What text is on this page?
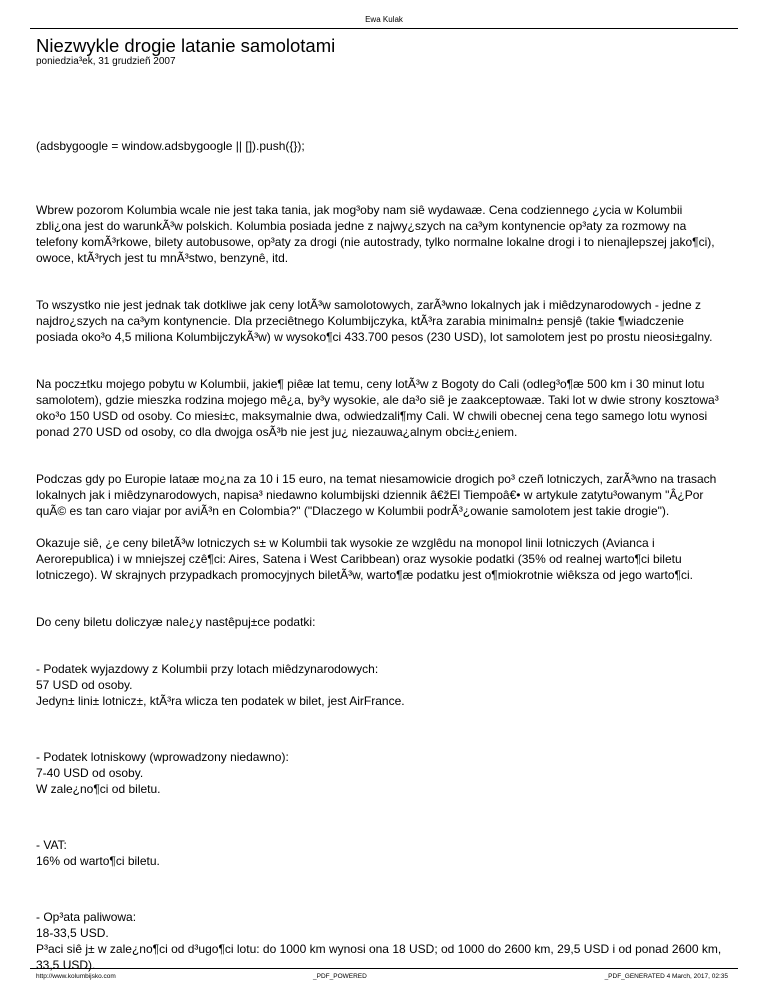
Ewa Kulak
Niezwykle drogie latanie samolotami
poniedzia³ek, 31 grudzieñ 2007

(adsbygoogle = window.adsbygoogle || []).push({});

Wbrew pozorom Kolumbia wcale nie jest taka tania, jak mog³oby nam siê wydawaæ. Cena codziennego ¿ycia w Kolumbii zbli¿ona jest do warunkÃ³w polskich. Kolumbia posiada jedne z najwy¿szych na ca³ym kontynencie op³aty za rozmowy na telefony komÃ³rkowe, bilety autobusowe, op³aty za drogi (nie autostrady, tylko normalne lokalne drogi i to nienajlepszej jako¶ci), owoce, ktÃ³rych jest tu mnÃ³stwo, benzynê, itd.

To wszystko nie jest jednak tak dotkliwe jak ceny lotÃ³w samolotowych, zarÃ³wno lokalnych jak i miêdzynarodowych - jedne z najdro¿szych na ca³ym kontynencie. Dla przeciêtnego Kolumbijczyka, ktÃ³ra zarabia minimaln± pensjê (takie ¶wiadczenie posiada oko³o 4,5 miliona KolumbijczykÃ³w) w wysoko¶ci 433.700 pesos (230 USD), lot samolotem jest po prostu nieosi±galny.

Na pocz±tku mojego pobytu w Kolumbii, jakie¶ piêæ lat temu, ceny lotÃ³w z Bogoty do Cali (odleg³o¶æ 500 km i 30 minut lotu samolotem), gdzie mieszka rodzina mojego mê¿a, by³y wysokie, ale da³o siê je zaakceptowaæ. Taki lot w dwie strony kosztowa³ oko³o 150 USD od osoby. Co miesi±c, maksymalnie dwa, odwiedzali¶my Cali. W chwili obecnej cena tego samego lotu wynosi ponad 270 USD od osoby, co dla dwojga osÃ³b nie jest ju¿ niezauwa¿alnym obci±¿eniem.

Podczas gdy po Europie lataæ mo¿na za 10 i 15 euro, na temat niesamowicie drogich po³ czeñ lotniczych, zarÃ³wno na trasach lokalnych jak i miêdzynarodowych, napisa³ niedawno kolumbijski dziennik â€žEl Tiempoâ€• w artykule zatytu³owanym "Â¿Por quÃ© es tan caro viajar por aviÃ³n en Colombia?" ("Dlaczego w Kolumbii podrÃ³¿owanie samolotem jest takie drogie").

Okazuje siê, ¿e ceny biletÃ³w lotniczych s± w Kolumbii tak wysokie ze wzglêdu na monopol linii lotniczych (Avianca i Aerorepublica) i w mniejszej czê¶ci: Aires, Satena i West Caribbean) oraz wysokie podatki (35% od realnej warto¶ci biletu lotniczego). W skrajnych przypadkach promocyjnych biletÃ³w, warto¶æ podatku jest o¶miokrotnie wiêksza od jego warto¶ci.

Do ceny biletu doliczyæ nale¿y nastêpuj±ce podatki:

- Podatek wyjazdowy z Kolumbii przy lotach miêdzynarodowych:
57 USD od osoby.
Jedyn± lini± lotnicz±, ktÃ³ra wlicza ten podatek w bilet, jest AirFrance.

- Podatek lotniskowy (wprowadzony niedawno):
7-40 USD od osoby.
W zale¿no¶ci od biletu.

- VAT:
16% od warto¶ci biletu.

- Op³ata paliwowa:
18-33,5 USD.
P³aci siê j± w zale¿no¶ci od d³ugo¶ci lotu: do 1000 km wynosi ona 18 USD; od 1000 do 2600 km, 29,5 USD i od ponad 2600 km, 33,5 USD).

http://www.kolumbijsko.com	_PDF_POWERED	_PDF_GENERATED 4 March, 2017, 02:35
